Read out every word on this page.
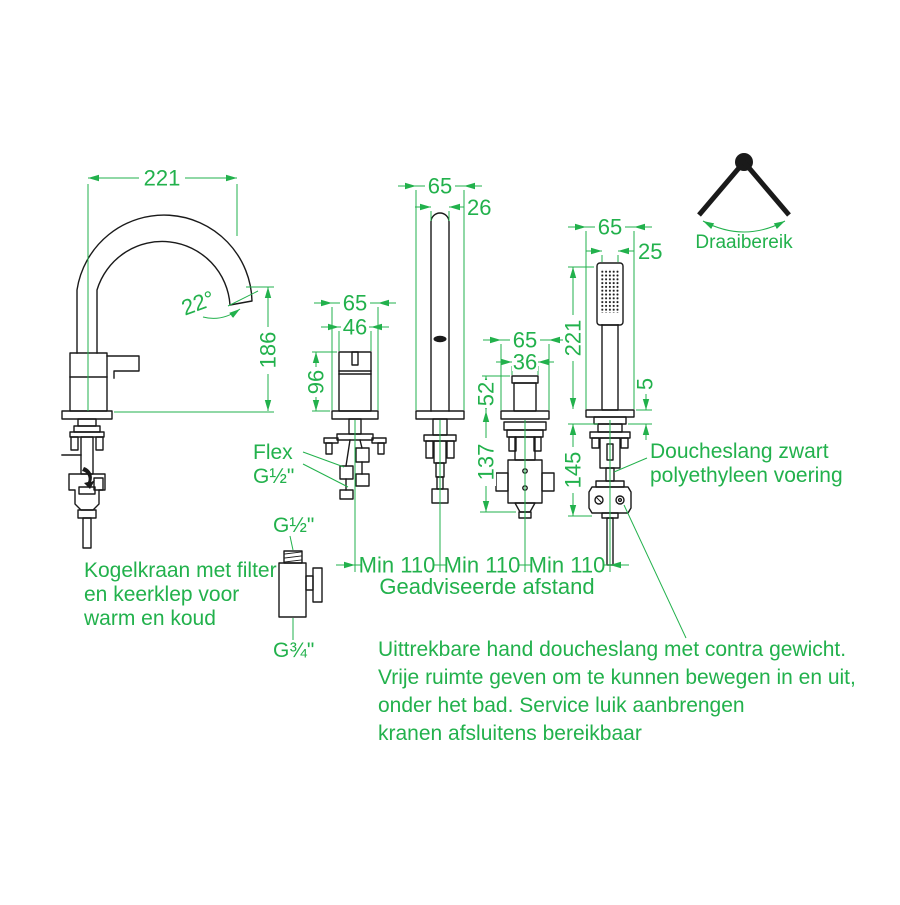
221
22°
186
65
46
96
65
26
65
36
52
137
65
25
221
5
145
Min 110 Min 110 Min 110
Geadviseerde afstand
Draaibereik
Flex
G½"
G½"
G¾"
Kogelkraan met filter
en keerklep voor
warm en koud
Doucheslang zwart
polyethyleen voering
Uittrekbare hand doucheslang met contra gewicht.
Vrije ruimte geven om te kunnen bewegen in en uit,
onder het bad. Service luik aanbrengen
kranen afsluitens bereikbaar
